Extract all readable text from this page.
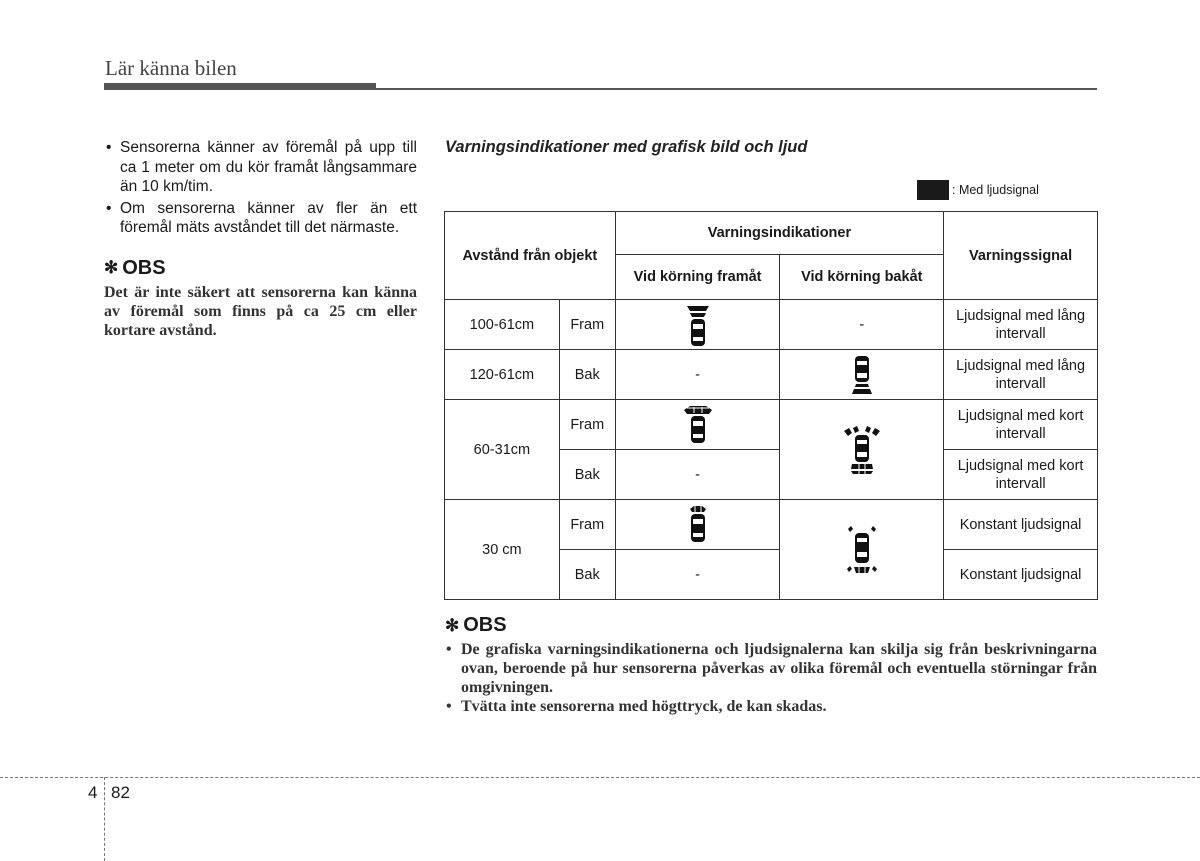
Lär känna bilen
• Sensorerna känner av föremål på upp till ca 1 meter om du kör framåt långsammare än 10 km/tim.
• Om sensorerna känner av fler än ett föremål mäts avståndet till det närmaste.
✻ OBS
Det är inte säkert att sensorerna kan känna av föremål som finns på ca 25 cm eller kortare avstånd.
Varningsindikationer med grafisk bild och ljud
: Med ljudsignal
Avstånd från objekt		Varningsindikationer		Varningssignal
		Vid körning framåt	Vid körning bakåt	
100-61cm	Fram		-	Ljudsignal med lång intervall
120-61cm	Bak	-		Ljudsignal med lång intervall
60-31cm	Fram			Ljudsignal med kort intervall
	Bak	-		Ljudsignal med kort intervall
30 cm	Fram			Konstant ljudsignal
	Bak	-		Konstant ljudsignal
✻ OBS
• De grafiska varningsindikationerna och ljudsignalerna kan skilja sig från beskrivningarna ovan, beroende på hur sensorerna påverkas av olika föremål och eventuella störningar från omgivningen.
• Tvätta inte sensorerna med högttryck, de kan skadas.
4 82
